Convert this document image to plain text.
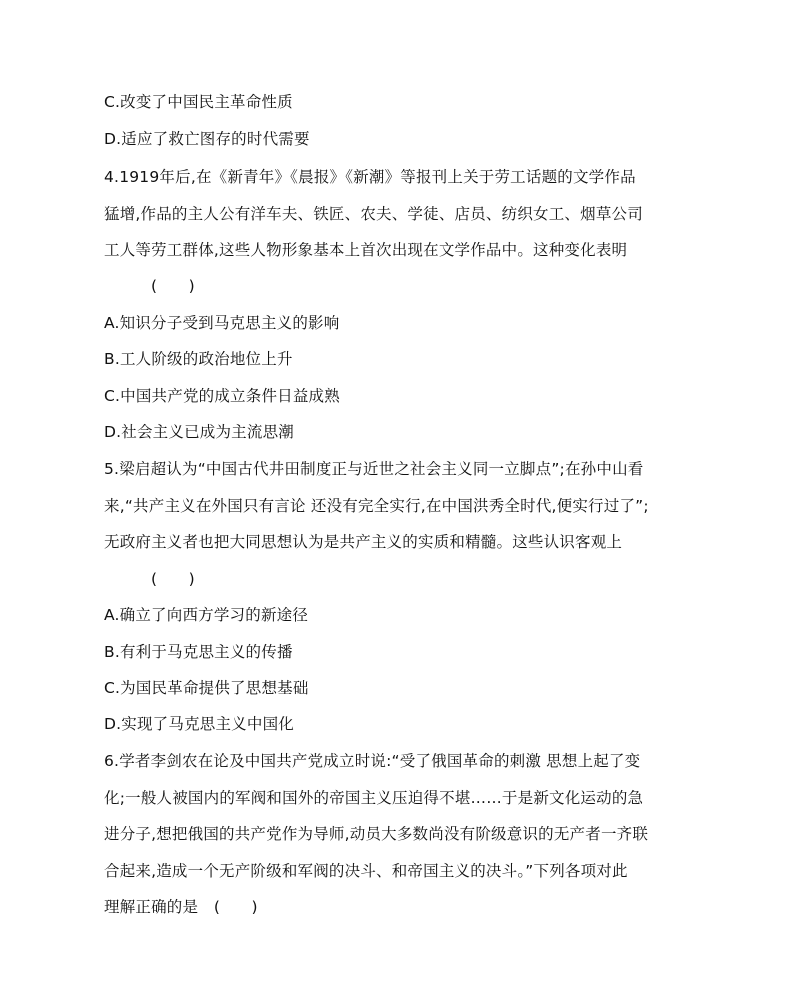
C.改变了中国民主革命性质
D.适应了救亡图存的时代需要
4.1919年后,在《新青年》《晨报》《新潮》等报刊上关于劳工话题的文学作品
猛增,作品的主人公有洋车夫、铁匠、农夫、学徒、店员、纺织女工、烟草公司
工人等劳工群体,这些人物形象基本上首次出现在文学作品中。这种变化表明
(　　)
A.知识分子受到马克思主义的影响
B.工人阶级的政治地位上升
C.中国共产党的成立条件日益成熟
D.社会主义已成为主流思潮
5.梁启超认为“中国古代井田制度正与近世之社会主义同一立脚点”;在孙中山看
来,“共产主义在外国只有言论 还没有完全实行,在中国洪秀全时代,便实行过了”;
无政府主义者也把大同思想认为是共产主义的实质和精髓。这些认识客观上
(　　)
A.确立了向西方学习的新途径
B.有利于马克思主义的传播
C.为国民革命提供了思想基础
D.实现了马克思主义中国化
6.学者李剑农在论及中国共产党成立时说:“受了俄国革命的刺激 思想上起了变
化;一般人被国内的军阀和国外的帝国主义压迫得不堪……于是新文化运动的急
进分子,想把俄国的共产党作为导师,动员大多数尚没有阶级意识的无产者一齐联
合起来,造成一个无产阶级和军阀的决斗、和帝国主义的决斗。”下列各项对此
理解正确的是　(　　)
